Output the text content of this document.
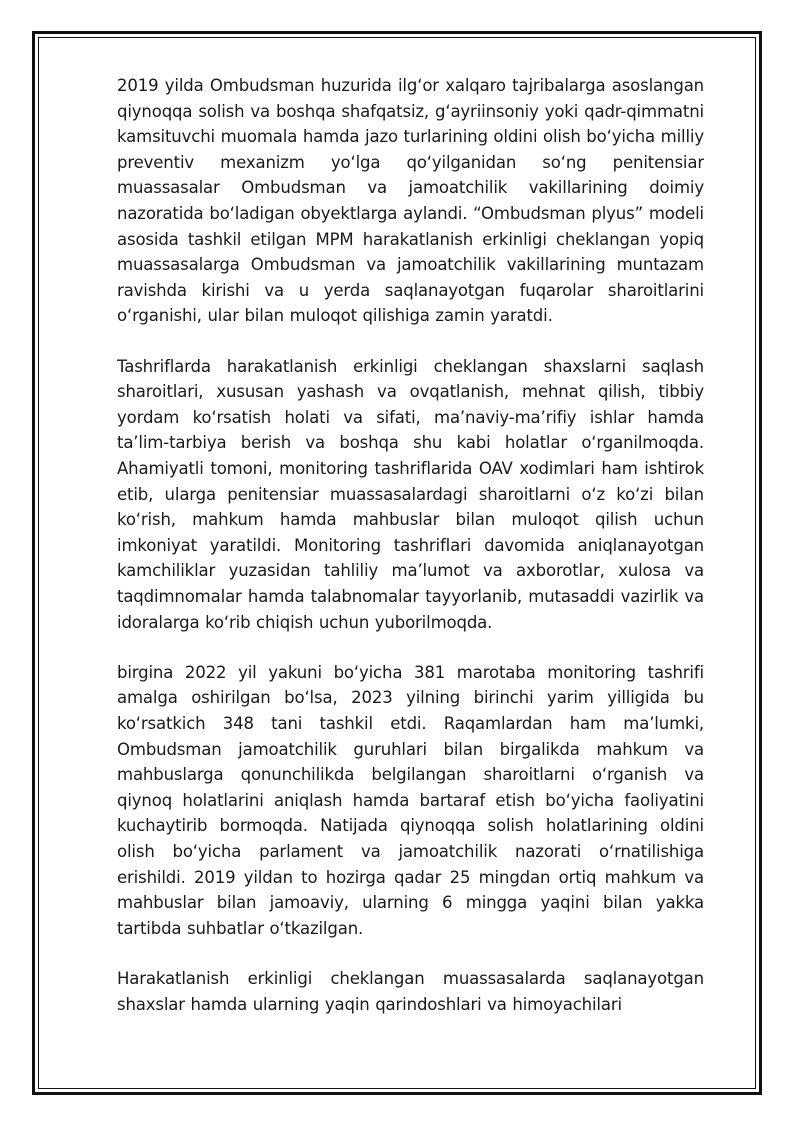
2019 yilda Ombudsman huzurida ilg‘or xalqaro tajribalarga asoslangan qiynoqqa solish va boshqa shafqatsiz, g‘ayriinsoniy yoki qadr-qimmatni kamsituvchi muomala hamda jazo turlarining oldini olish bo‘yicha milliy preventiv mexanizm yo‘lga qo‘yilganidan so‘ng penitensiar muassasalar Ombudsman va jamoatchilik vakillarining doimiy nazoratida bo‘ladigan obyektlarga aylandi. “Ombudsman plyus” modeli asosida tashkil etilgan MPM harakatlanish erkinligi cheklangan yopiq muassasalarga Ombudsman va jamoatchilik vakillarining muntazam ravishda kirishi va u yerda saqlanayotgan fuqarolar sharoitlarini o‘rganishi, ular bilan muloqot qilishiga zamin yaratdi.

Tashriflarda harakatlanish erkinligi cheklangan shaxslarni saqlash sharoitlari, xususan yashash va ovqatlanish, mehnat qilish, tibbiy yordam ko‘rsatish holati va sifati, ma’naviy-ma’rifiy ishlar hamda ta’lim-tarbiya berish va boshqa shu kabi holatlar o‘rganilmoqda. Ahamiyatli tomoni, monitoring tashriflarida OAV xodimlari ham ishtirok etib, ularga penitensiar muassasalardagi sharoitlarni o‘z ko‘zi bilan ko‘rish, mahkum hamda mahbuslar bilan muloqot qilish uchun imkoniyat yaratildi. Monitoring tashriflari davomida aniqlanayotgan kamchiliklar yuzasidan tahliliy ma’lumot va axborotlar, xulosa va taqdimnomalar hamda talabnomalar tayyorlanib, mutasaddi vazirlik va idoralarga ko‘rib chiqish uchun yuborilmoqda.

birgina 2022 yil yakuni bo‘yicha 381 marotaba monitoring tashrifi amalga oshirilgan bo‘lsa, 2023 yilning birinchi yarim yilligida bu ko‘rsatkich 348 tani tashkil etdi. Raqamlardan ham ma’lumki, Ombudsman jamoatchilik guruhlari bilan birgalikda mahkum va mahbuslarga qonunchilikda belgilangan sharoitlarni o‘rganish va qiynoq holatlarini aniqlash hamda bartaraf etish bo‘yicha faoliyatini kuchaytirib bormoqda. Natijada qiynoqqa solish holatlarining oldini olish bo‘yicha parlament va jamoatchilik nazorati o‘rnatilishiga erishildi. 2019 yildan to hozirga qadar 25 mingdan ortiq mahkum va mahbuslar bilan jamoaviy, ularning 6 mingga yaqini bilan yakka tartibda suhbatlar o‘tkazilgan.

Harakatlanish erkinligi cheklangan muassasalarda saqlanayotgan shaxslar hamda ularning yaqin qarindoshlari va himoyachilari
